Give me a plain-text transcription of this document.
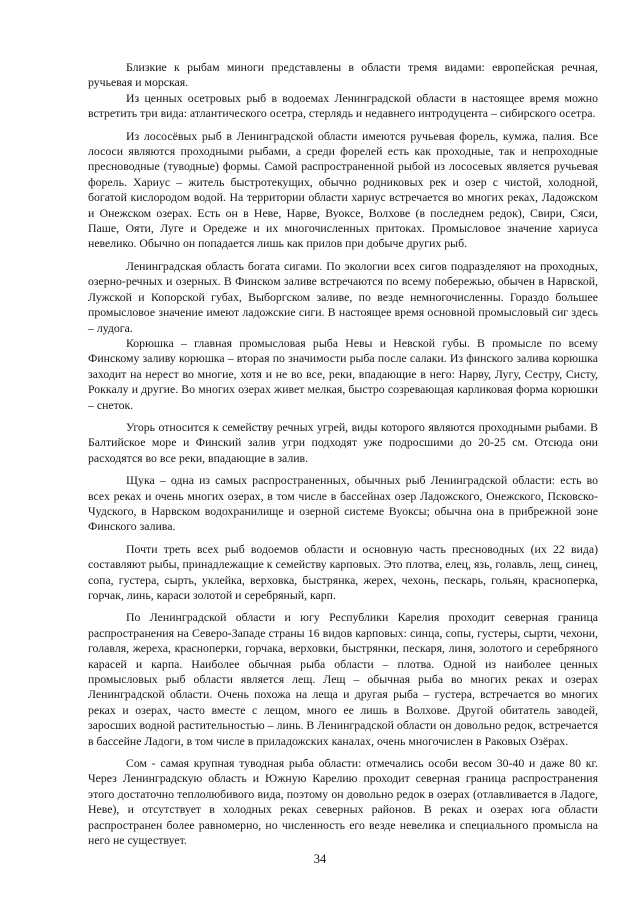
Близкие к рыбам миноги представлены в области тремя видами: европейская речная, ручьевая и морская.

Из ценных осетровых рыб в водоемах Ленинградской области в настоящее время можно встретить три вида: атлантического осетра, стерлядь и недавнего интродуцента – сибирского осетра.

Из лососёвых рыб в Ленинградской области имеются ручьевая форель, кумжа, палия. Все лососи являются проходными рыбами, а среди форелей есть как проходные, так и непроходные пресноводные (туводные) формы. Самой распространенной рыбой из лососевых является ручьевая форель. Хариус – житель быстротекущих, обычно родниковых рек и озер с чистой, холодной, богатой кислородом водой. На территории области хариус встречается во многих реках, Ладожском и Онежском озерах. Есть он в Неве, Нарве, Вуоксе, Волхове (в последнем редок), Свири, Сяси, Паше, Ояти, Луге и Оредеже и их многочисленных притоках. Промысловое значение хариуса невелико. Обычно он попадается лишь как прилов при добыче других рыб.

Ленинградская область богата сигами. По экологии всех сигов подразделяют на проходных, озерно-речных и озерных. В Финском заливе встречаются по всему побережью, обычен в Нарвской, Лужской и Копорской губах, Выборгском заливе, по везде немногочисленны. Гораздо большее промысловое значение имеют ладожские сиги. В настоящее время основной промысловый сиг здесь – лудога.

Корюшка – главная промысловая рыба Невы и Невской губы. В промысле по всему Финскому заливу корюшка – вторая по значимости рыба после салаки. Из финского залива корюшка заходит на нерест во многие, хотя и не во все, реки, впадающие в него: Нарву, Лугу, Сестру, Систу, Роккалу и другие. Во многих озерах живет мелкая, быстро созревающая карликовая форма корюшки – снеток.

Угорь относится к семейству речных угрей, виды которого являются проходными рыбами. В Балтийское море и Финский залив угри подходят уже подросшими до 20-25 см. Отсюда они расходятся во все реки, впадающие в залив.

Щука – одна из самых распространенных, обычных рыб Ленинградской области: есть во всех реках и очень многих озерах, в том числе в бассейнах озер Ладожского, Онежского, Псковско-Чудского, в Нарвском водохранилище и озерной системе Вуоксы; обычна она в прибрежной зоне Финского залива.

Почти треть всех рыб водоемов области и основную часть пресноводных (их 22 вида) составляют рыбы, принадлежащие к семейству карповых. Это плотва, елец, язь, голавль, лещ, синец, сопа, густера, сырть, уклейка, верховка, быстрянка, жерех, чехонь, пескарь, гольян, красноперка, горчак, линь, караси золотой и серебряный, карп.

По Ленинградской области и югу Республики Карелия проходит северная граница распространения на Северо-Западе страны 16 видов карповых: синца, сопы, густеры, сырти, чехони, голавля, жереха, красноперки, горчака, верховки, быстрянки, пескаря, линя, золотого и серебряного карасей и карпа. Наиболее обычная рыба области – плотва. Одной из наиболее ценных промысловых рыб области является лещ. Лещ – обычная рыба во многих реках и озерах Ленинградской области. Очень похожа на леща и другая рыба – густера, встречается во многих реках и озерах, часто вместе с лещом, много ее лишь в Волхове. Другой обитатель заводей, заросших водной растительностью – линь. В Ленинградской области он довольно редок, встречается в бассейне Ладоги, в том числе в приладожских каналах, очень многочислен в Раковых Озёрах.

Сом - самая крупная туводная рыба области: отмечались особи весом 30-40 и даже 80 кг. Через Ленинградскую область и Южную Карелию проходит северная граница распространения этого достаточно теплолюбивого вида, поэтому он довольно редок в озерах (отлавливается в Ладоге, Неве), и отсутствует в холодных реках северных районов. В реках и озерах юга области распространен более равномерно, но численность его везде невелика и специального промысла на него не существует.

34
